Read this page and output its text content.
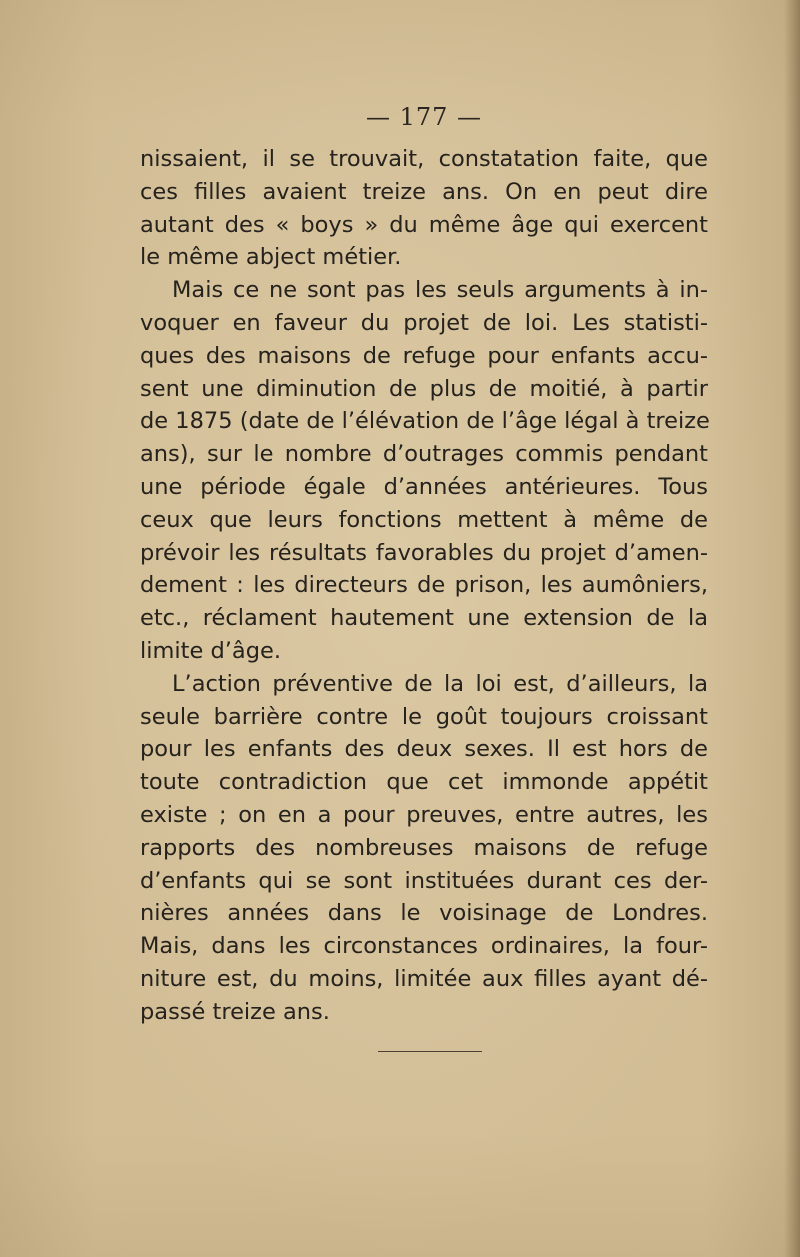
— 177 —
nissaient, il se trouvait, constatation faite, que
ces filles avaient treize ans. On en peut dire
autant des « boys » du même âge qui exercent
le même abject métier.
Mais ce ne sont pas les seuls arguments à in-
voquer en faveur du projet de loi. Les statisti-
ques des maisons de refuge pour enfants accu-
sent une diminution de plus de moitié, à partir
de 1875 (date de l’élévation de l’âge légal à treize
ans), sur le nombre d’outrages commis pendant
une période égale d’années antérieures. Tous
ceux que leurs fonctions mettent à même de
prévoir les résultats favorables du projet d’amen-
dement : les directeurs de prison, les aumôniers,
etc., réclament hautement une extension de la
limite d’âge.
L’action préventive de la loi est, d’ailleurs, la
seule barrière contre le goût toujours croissant
pour les enfants des deux sexes. Il est hors de
toute contradiction que cet immonde appétit
existe ; on en a pour preuves, entre autres, les
rapports des nombreuses maisons de refuge
d’enfants qui se sont instituées durant ces der-
nières années dans le voisinage de Londres.
Mais, dans les circonstances ordinaires, la four-
niture est, du moins, limitée aux filles ayant dé-
passé treize ans.
